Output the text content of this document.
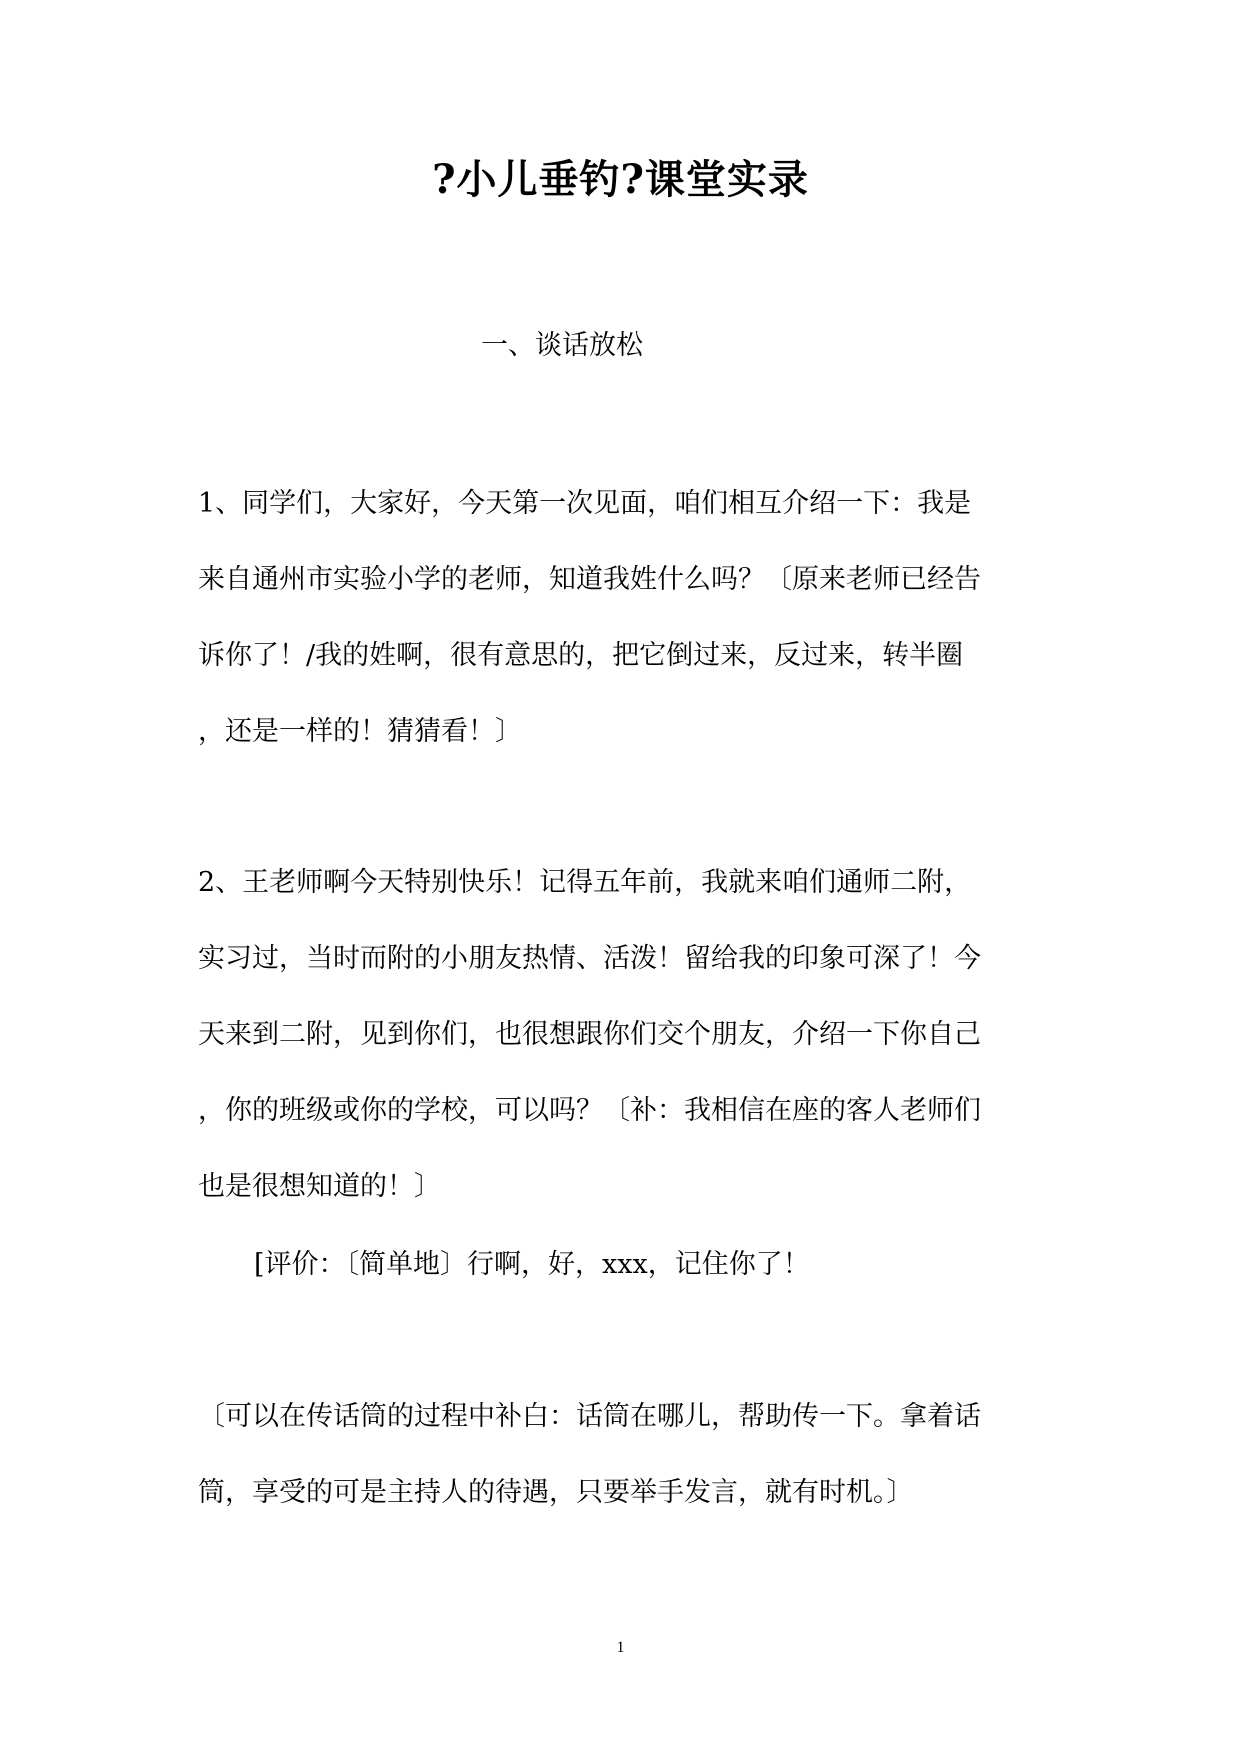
?小儿垂钓?课堂实录
一、谈话放松

1、同学们，大家好，今天第一次见面，咱们相互介绍一下：我是
来自通州市实验小学的老师，知道我姓什么吗？〔原来老师已经告
诉你了！/我的姓啊，很有意思的，把它倒过来，反过来，转半圈
，还是一样的！猜猜看！〕

2、王老师啊今天特别快乐！记得五年前，我就来咱们通师二附，
实习过，当时而附的小朋友热情、活泼！留给我的印象可深了！今
天来到二附，见到你们，也很想跟你们交个朋友，介绍一下你自己
，你的班级或你的学校，可以吗？〔补：我相信在座的客人老师们
也是很想知道的！〕

[评价：〔简单地〕行啊，好，xxx，记住你了！

〔可以在传话筒的过程中补白：话筒在哪儿，帮助传一下。拿着话
筒，享受的可是主持人的待遇，只要举手发言，就有时机。〕

1
